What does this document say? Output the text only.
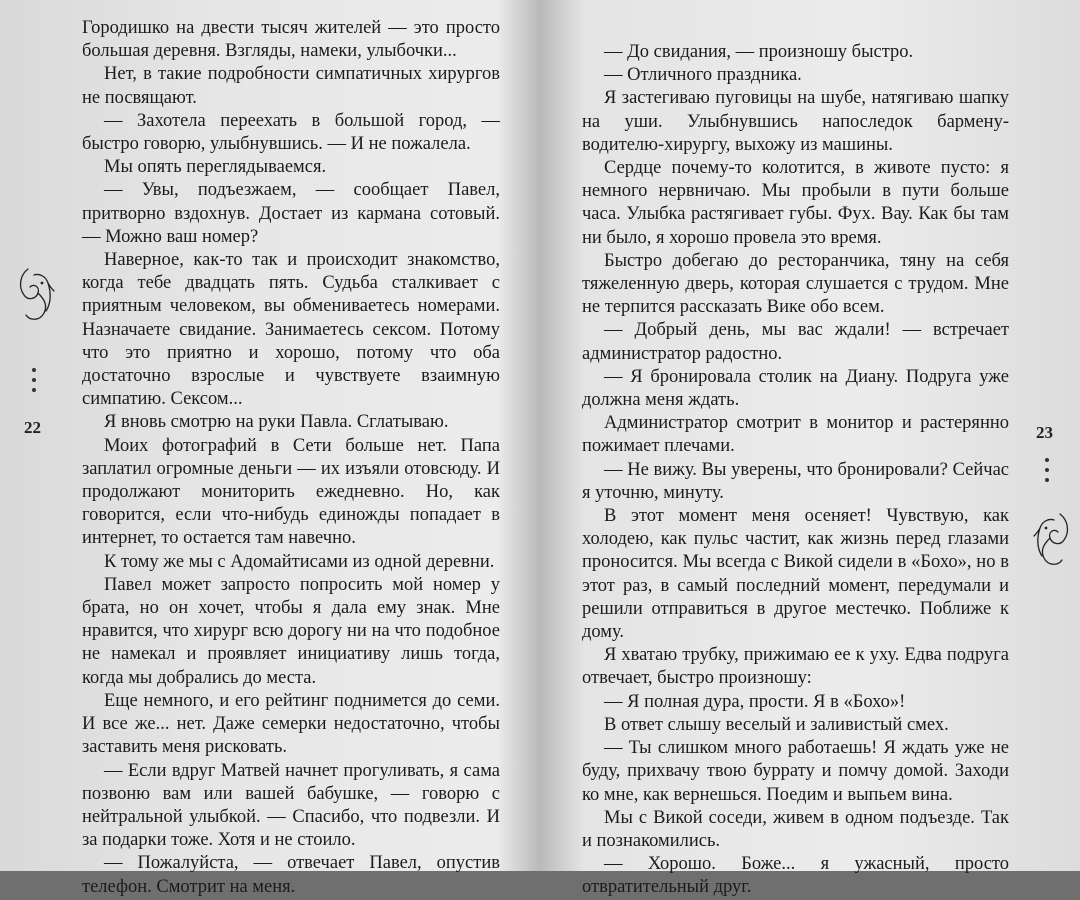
Городишко на двести тысяч жителей — это просто большая деревня. Взгляды, намеки, улыбочки...

Нет, в такие подробности симпатичных хирургов не посвящают.

— Захотела переехать в большой город, — быстро говорю, улыбнувшись. — И не пожалела.

Мы опять переглядываемся.

— Увы, подъезжаем, — сообщает Павел, притворно вздохнув. Достает из кармана сотовый. — Можно ваш номер?

Наверное, как-то так и происходит знакомство, когда тебе двадцать пять. Судьба сталкивает с приятным человеком, вы обмениваетесь номерами. Назначаете свидание. Занимаетесь сексом. Потому что это приятно и хорошо, потому что оба достаточно взрослые и чувствуете взаимную симпатию. Сексом...

Я вновь смотрю на руки Павла. Сглатываю.

Моих фотографий в Сети больше нет. Папа заплатил огромные деньги — их изъяли отовсюду. И продолжают мониторить ежедневно. Но, как говорится, если что-нибудь единожды попадает в интернет, то остается там навечно.

К тому же мы с Адомайтисами из одной деревни.

Павел может запросто попросить мой номер у брата, но он хочет, чтобы я дала ему знак. Мне нравится, что хирург всю дорогу ни на что подобное не намекал и проявляет инициативу лишь тогда, когда мы добрались до места.

Еще немного, и его рейтинг поднимется до семи. И все же... нет. Даже семерки недостаточно, чтобы заставить меня рисковать.

— Если вдруг Матвей начнет прогуливать, я сама позвоню вам или вашей бабушке, — говорю с нейтральной улыбкой. — Спасибо, что подвезли. И за подарки тоже. Хотя и не стоило.

— Пожалуйста, — отвечает Павел, опустив телефон. Смотрит на меня.

22

— До свидания, — произношу быстро.

— Отличного праздника.

Я застегиваю пуговицы на шубе, натягиваю шапку на уши. Улыбнувшись напоследок бармену-водителю-хирургу, выхожу из машины.

Сердце почему-то колотится, в животе пусто: я немного нервничаю. Мы пробыли в пути больше часа. Улыбка растягивает губы. Фух. Вау. Как бы там ни было, я хорошо провела это время.

Быстро добегаю до ресторанчика, тяну на себя тяжеленную дверь, которая слушается с трудом. Мне не терпится рассказать Вике обо всем.

— Добрый день, мы вас ждали! — встречает администратор радостно.

— Я бронировала столик на Диану. Подруга уже должна меня ждать.

Администратор смотрит в монитор и растерянно пожимает плечами.

— Не вижу. Вы уверены, что бронировали? Сейчас я уточню, минуту.

В этот момент меня осеняет! Чувствую, как холодею, как пульс частит, как жизнь перед глазами проносится. Мы всегда с Викой сидели в «Бохо», но в этот раз, в самый последний момент, передумали и решили отправиться в другое местечко. Поближе к дому.

Я хватаю трубку, прижимаю ее к уху. Едва подруга отвечает, быстро произношу:

— Я полная дура, прости. Я в «Бохо»!

В ответ слышу веселый и заливистый смех.

— Ты слишком много работаешь! Я ждать уже не буду, прихвачу твою буррату и помчу домой. Заходи ко мне, как вернешься. Поедим и выпьем вина.

Мы с Викой соседи, живем в одном подъезде. Так и познакомились.

— Хорошо. Боже... я ужасный, просто отвратительный друг.

23
